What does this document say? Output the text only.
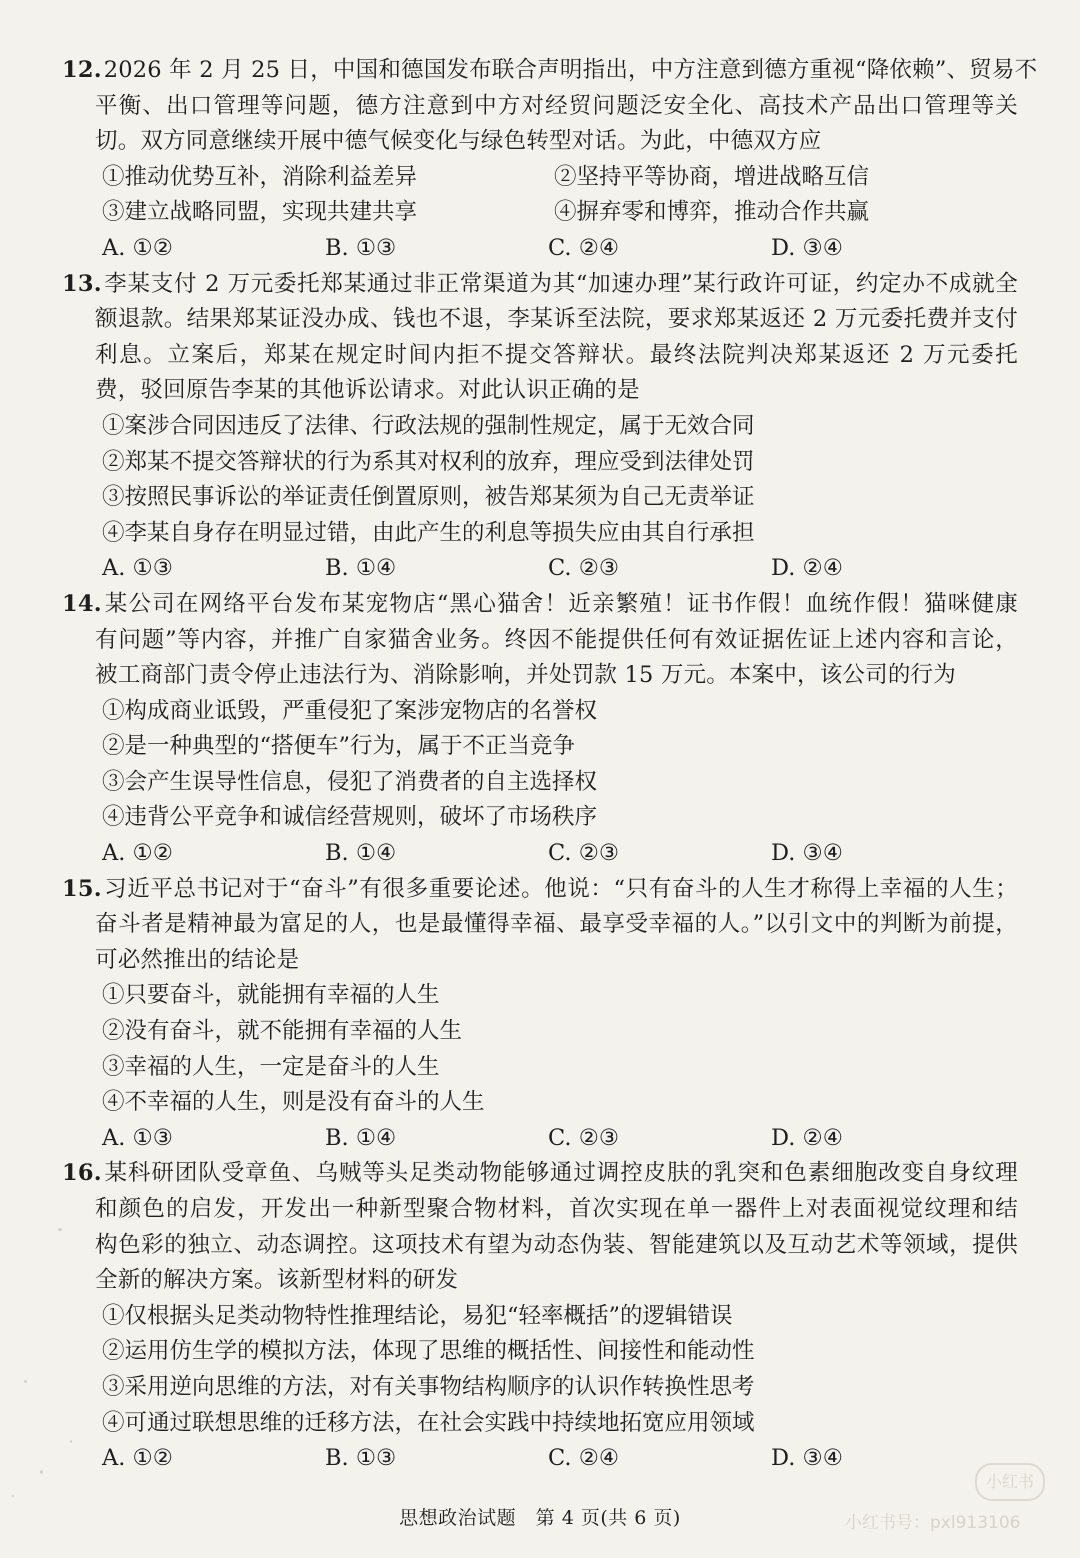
12.2026 年 2 月 25 日，中国和德国发布联合声明指出，中方注意到德方重视“降依赖”、贸易不
平衡、出口管理等问题，德方注意到中方对经贸问题泛安全化、高技术产品出口管理等关
切。双方同意继续开展中德气候变化与绿色转型对话。为此，中德双方应
①推动优势互补，消除利益差异	②坚持平等协商，增进战略互信
③建立战略同盟，实现共建共享	④摒弃零和博弈，推动合作共赢
A. ①②	B. ①③	C. ②④	D. ③④
13.李某支付 2 万元委托郑某通过非正常渠道为其“加速办理”某行政许可证，约定办不成就全
额退款。结果郑某证没办成、钱也不退，李某诉至法院，要求郑某返还 2 万元委托费并支付
利息。立案后，郑某在规定时间内拒不提交答辩状。最终法院判决郑某返还 2 万元委托
费，驳回原告李某的其他诉讼请求。对此认识正确的是
①案涉合同因违反了法律、行政法规的强制性规定，属于无效合同
②郑某不提交答辩状的行为系其对权利的放弃，理应受到法律处罚
③按照民事诉讼的举证责任倒置原则，被告郑某须为自己无责举证
④李某自身存在明显过错，由此产生的利息等损失应由其自行承担
A. ①③	B. ①④	C. ②③	D. ②④
14.某公司在网络平台发布某宠物店“黑心猫舍！近亲繁殖！证书作假！血统作假！猫咪健康
有问题”等内容，并推广自家猫舍业务。终因不能提供任何有效证据佐证上述内容和言论，
被工商部门责令停止违法行为、消除影响，并处罚款 15 万元。本案中，该公司的行为
①构成商业诋毁，严重侵犯了案涉宠物店的名誉权
②是一种典型的“搭便车”行为，属于不正当竞争
③会产生误导性信息，侵犯了消费者的自主选择权
④违背公平竞争和诚信经营规则，破坏了市场秩序
A. ①②	B. ①④	C. ②③	D. ③④
15.习近平总书记对于“奋斗”有很多重要论述。他说：“只有奋斗的人生才称得上幸福的人生；
奋斗者是精神最为富足的人，也是最懂得幸福、最享受幸福的人。”以引文中的判断为前提，
可必然推出的结论是
①只要奋斗，就能拥有幸福的人生
②没有奋斗，就不能拥有幸福的人生
③幸福的人生，一定是奋斗的人生
④不幸福的人生，则是没有奋斗的人生
A. ①③	B. ①④	C. ②③	D. ②④
16.某科研团队受章鱼、乌贼等头足类动物能够通过调控皮肤的乳突和色素细胞改变自身纹理
和颜色的启发，开发出一种新型聚合物材料，首次实现在单一器件上对表面视觉纹理和结
构色彩的独立、动态调控。这项技术有望为动态伪装、智能建筑以及互动艺术等领域，提供
全新的解决方案。该新型材料的研发
①仅根据头足类动物特性推理结论，易犯“轻率概括”的逻辑错误
②运用仿生学的模拟方法，体现了思维的概括性、间接性和能动性
③采用逆向思维的方法，对有关事物结构顺序的认识作转换性思考
④可通过联想思维的迁移方法，在社会实践中持续地拓宽应用领域
A. ①②	B. ①③	C. ②④	D. ③④
小红书
思想政治试题　第 4 页(共 6 页)	小红书号：pxl913106
